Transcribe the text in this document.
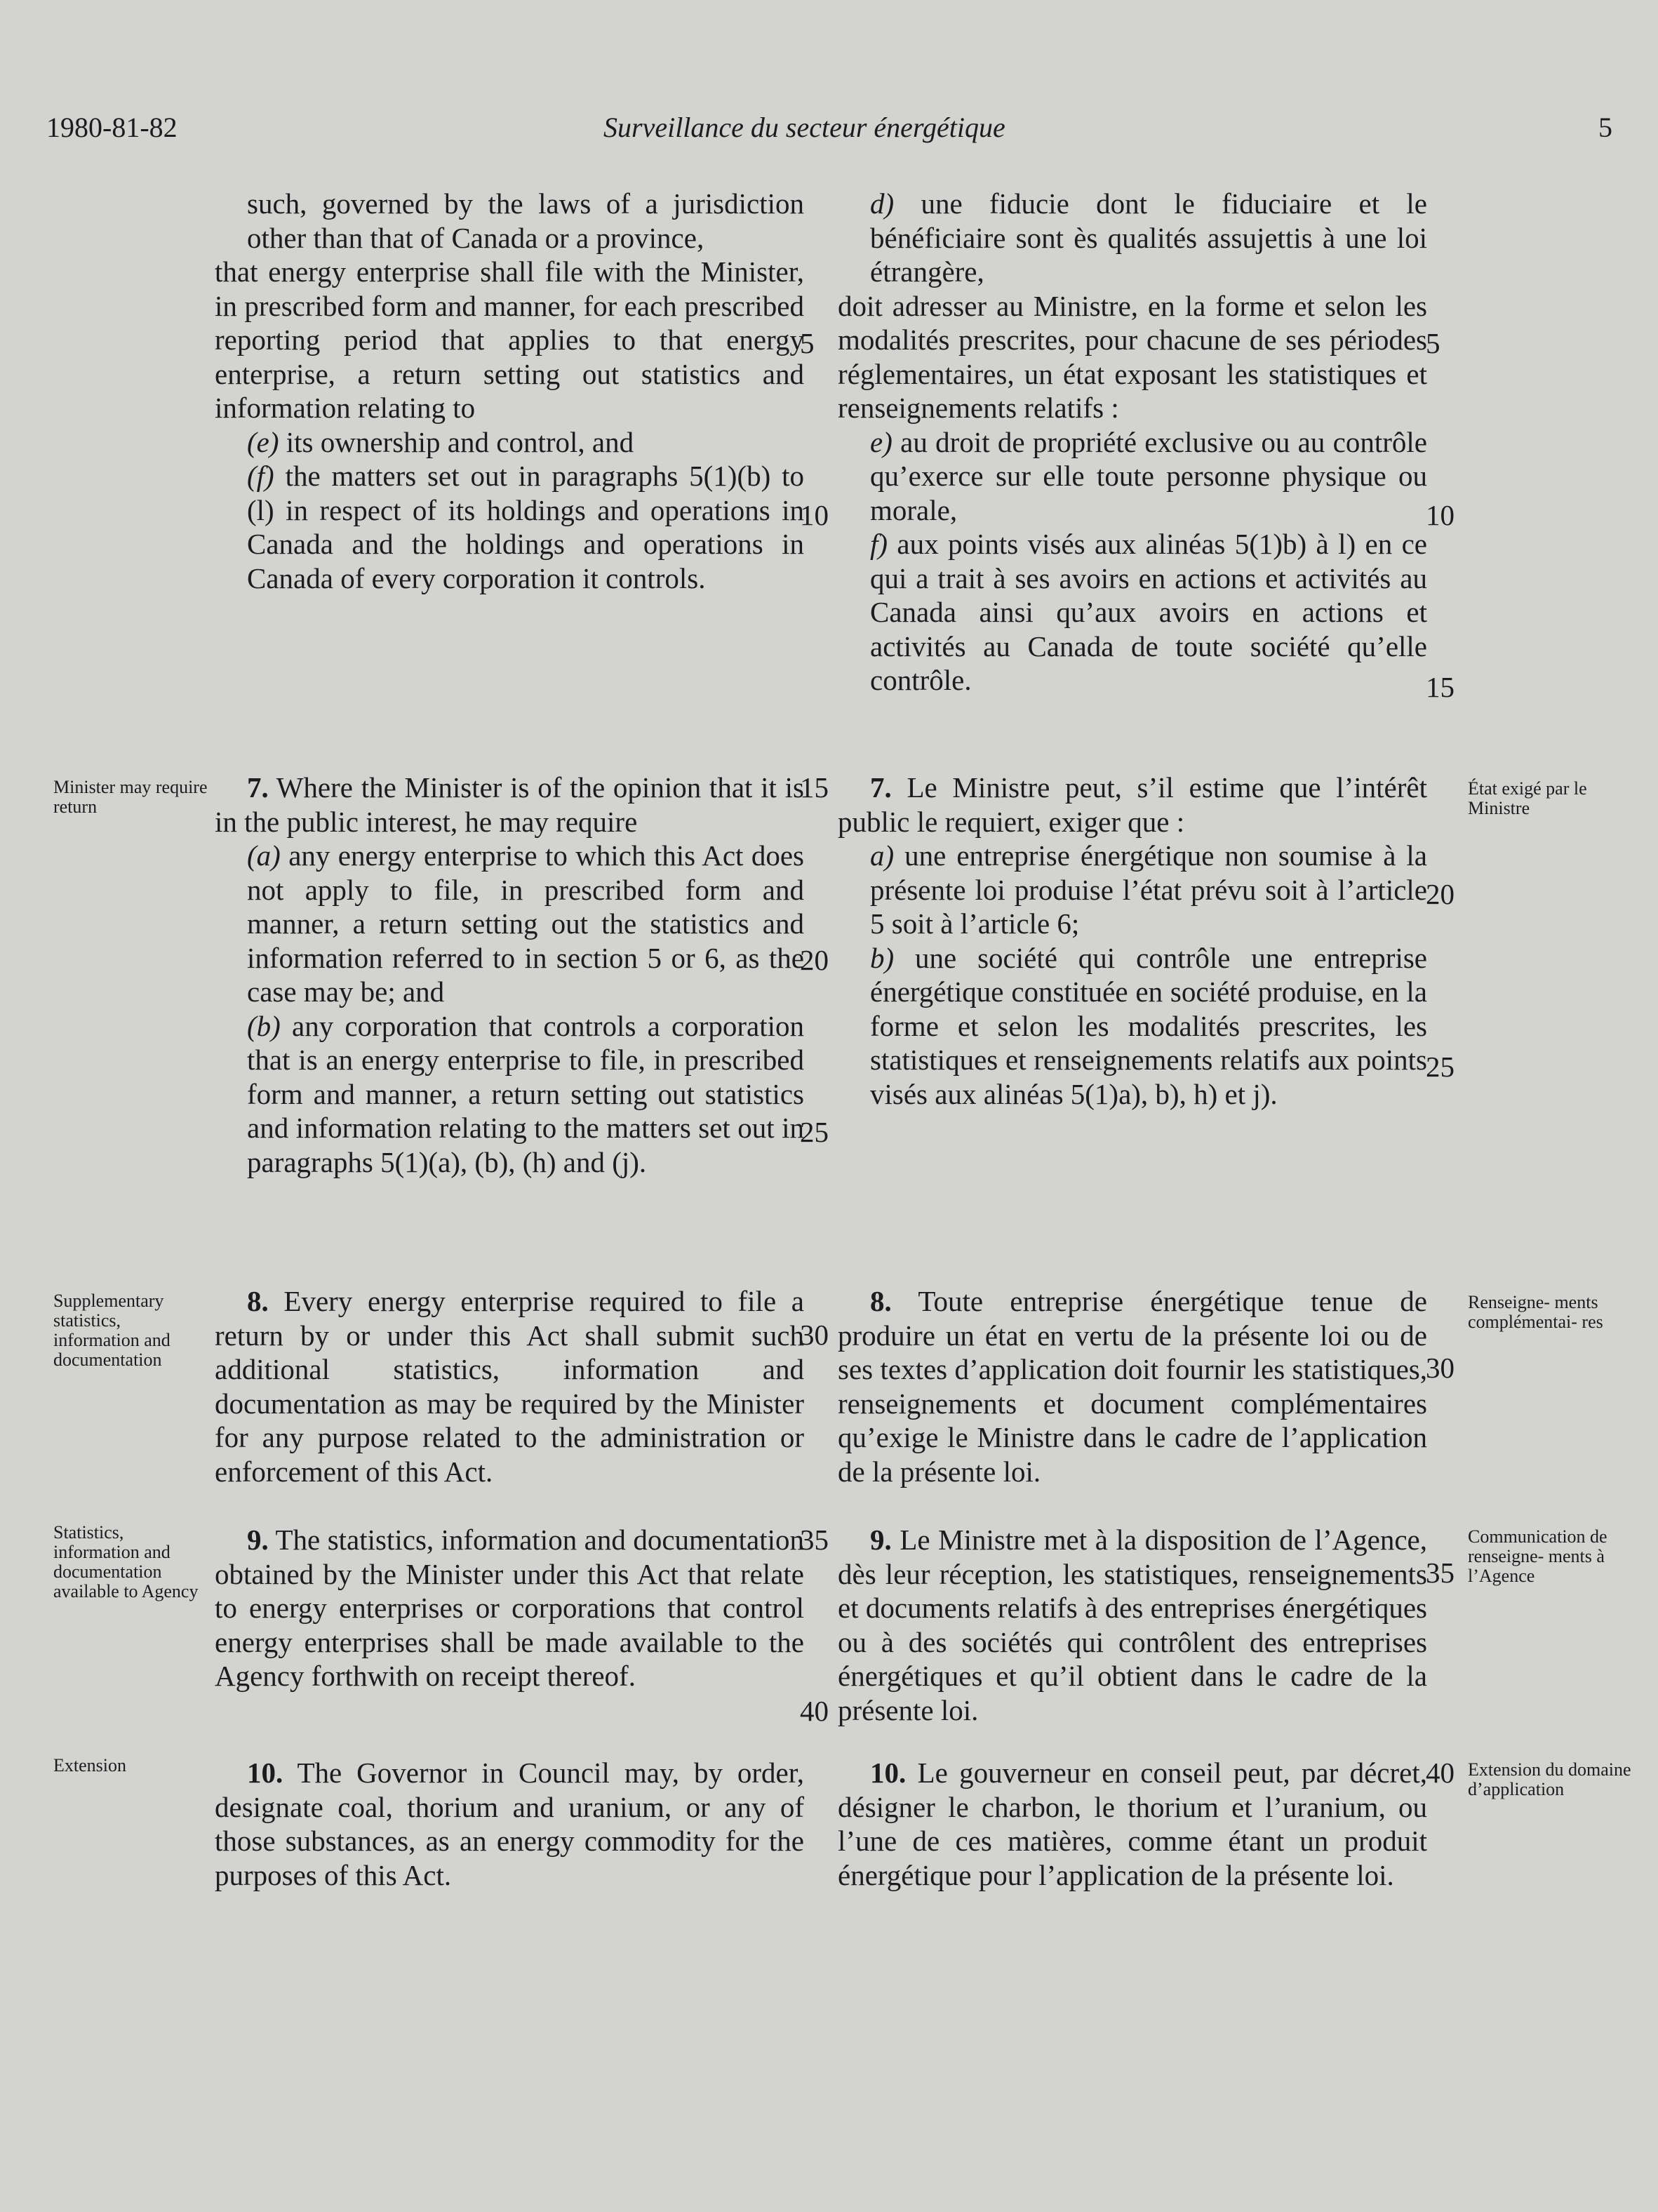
1980-81-82	Surveillance du secteur énergétique	5

such, governed by the laws of a jurisdiction other than that of Canada or a province,

that energy enterprise shall file with the Minister, in prescribed form and manner, for each prescribed reporting period that applies to that energy enterprise, a return setting out statistics and information relating to

(e) its ownership and control, and

(f) the matters set out in paragraphs 5(1)(b) to (l) in respect of its holdings and operations in Canada and the holdings and operations in Canada of every corporation it controls.

7. Where the Minister is of the opinion that it is in the public interest, he may require

(a) any energy enterprise to which this Act does not apply to file, in prescribed form and manner, a return setting out the statistics and information referred to in section 5 or 6, as the case may be; and

(b) any corporation that controls a corporation that is an energy enterprise to file, in prescribed form and manner, a return setting out statistics and information relating to the matters set out in paragraphs 5(1)(a), (b), (h) and (j).

8. Every energy enterprise required to file a return by or under this Act shall submit such additional statistics, information and documentation as may be required by the Minister for any purpose related to the administration or enforcement of this Act.

9. The statistics, information and documentation obtained by the Minister under this Act that relate to energy enterprises or corporations that control energy enterprises shall be made available to the Agency forthwith on receipt thereof.

10. The Governor in Council may, by order, designate coal, thorium and uranium, or any of those substances, as an energy commodity for the purposes of this Act.

d) une fiducie dont le fiduciaire et le bénéficiaire sont ès qualités assujettis à une loi étrangère,

doit adresser au Ministre, en la forme et selon les modalités prescrites, pour chacune de ses périodes réglementaires, un état exposant les statistiques et renseignements relatifs :

e) au droit de propriété exclusive ou au contrôle qu’exerce sur elle toute personne physique ou morale,

f) aux points visés aux alinéas 5(1)b) à l) en ce qui a trait à ses avoirs en actions et activités au Canada ainsi qu’aux avoirs en actions et activités au Canada de toute société qu’elle contrôle.

7. Le Ministre peut, s’il estime que l’intérêt public le requiert, exiger que :

a) une entreprise énergétique non soumise à la présente loi produise l’état prévu soit à l’article 5 soit à l’article 6;

b) une société qui contrôle une entreprise énergétique constituée en société produise, en la forme et selon les modalités prescrites, les statistiques et renseignements relatifs aux points visés aux alinéas 5(1)a), b), h) et j).

8. Toute entreprise énergétique tenue de produire un état en vertu de la présente loi ou de ses textes d’application doit fournir les statistiques, renseignements et document complémentaires qu’exige le Ministre dans le cadre de l’application de la présente loi.

9. Le Ministre met à la disposition de l’Agence, dès leur réception, les statistiques, renseignements et documents relatifs à des entreprises énergétiques ou à des sociétés qui contrôlent des entreprises énergétiques et qu’il obtient dans le cadre de la présente loi.

10. Le gouverneur en conseil peut, par décret, désigner le charbon, le thorium et l’uranium, ou l’une de ces matières, comme étant un produit énergétique pour l’application de la présente loi.

5
10
15
20
25
30
35
40
5
10
15
20
25
30
35
40
Minister may require return
État exigé par le Ministre
Supplementary statistics, information and documentation
Renseigne- ments complémentai- res
Statistics, information and documentation available to Agency
Communication de renseigne- ments à l’Agence
Extension	Extension du domaine d’application
